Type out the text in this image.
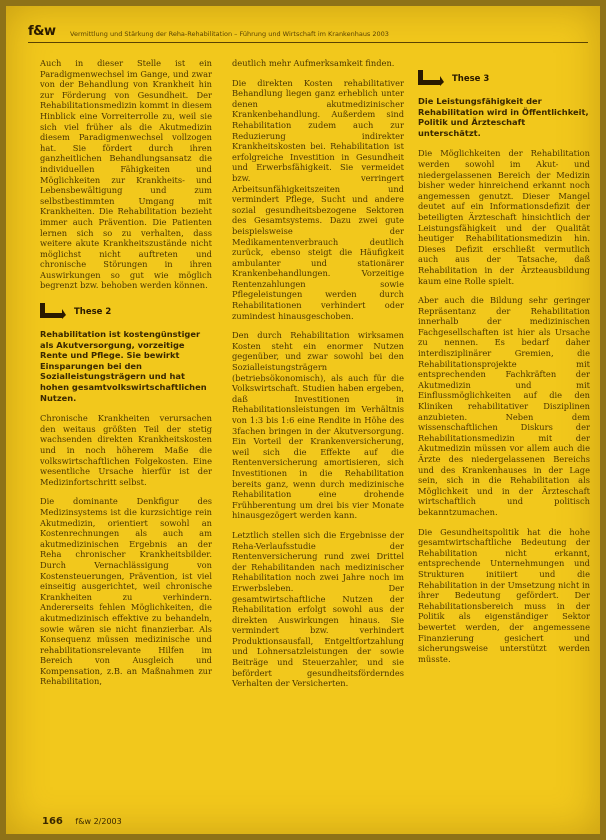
f&w Vermittlung und Stärkung der Reha-Rehabilitation – Führung und Wirtschaft im Krankenhaus 2003

Auch in dieser Stelle ist ein Paradigmenwechsel im Gange, und zwar von der Behandlung von Krankheit hin zur Förderung von Gesundheit. Der Rehabilitationsmedizin kommt in diesem Hinblick eine Vorreiterrolle zu, weil sie sich viel früher als die Akutmedizin diesem Paradigmenwechsel vollzogen hat. Sie fördert durch ihren ganzheitlichen Behandlungsansatz die individuellen Fähigkeiten und Möglichkeiten zur Krankheits- und Lebensbewältigung und zum selbstbestimmten Umgang mit Krankheiten. Die Rehabilitation bezieht immer auch Prävention. Die Patienten lernen sich so zu verhalten, dass weitere akute Krankheitszustände nicht möglichst nicht auftreten und chronische Störungen in ihren Auswirkungen so gut wie möglich begrenzt bzw. behoben werden können.

These 2

Rehabilitation ist kostengünstiger als Akutversorgung, vorzeitige Rente und Pflege. Sie bewirkt Einsparungen bei den Sozialleistungsträgern und hat hohen gesamtvolkswirtschaftlichen Nutzen.

Chronische Krankheiten verursachen den weitaus größten Teil der stetig wachsenden direkten Krankheitskosten und in noch höherem Maße die volkswirtschaftlichen Folgekosten. Eine wesentliche Ursache hierfür ist der Medizinfortschritt selbst.

Die dominante Denkfigur des Medizinsystems ist die kurzsichtige rein Akutmedizin, orientiert sowohl an Kostenrechnungen als auch am akutmedizinischen Ergebnis an der Reha chronischer Krankheitsbilder. Durch Vernachlässigung von Kostensteuerungen, Prävention, ist viel einseitig ausgerichtet, weil chronische Krankheiten zu verhindern. Andererseits fehlen Möglichkeiten, die akutmedizinisch effektive zu behandeln, sowie wären sie nicht finanzierbar. Als Konsequenz müssen medizinische und rehabilitationsrelevante Hilfen im Bereich von Ausgleich und Kompensation, z.B. an Maßnahmen zur Rehabilitation,

deutlich mehr Aufmerksamkeit finden.

Die direkten Kosten rehabilitativer Behandlung liegen ganz erheblich unter denen akutmedizinischer Krankenbehandlung. Außerdem sind Rehabilitation zudem auch zur Reduzierung indirekter Krankheitskosten bei. Rehabilitation ist erfolgreiche Investition in Gesundheit und Erwerbsfähigkeit. Sie vermeidet bzw. verringert Arbeitsunfähigkeitszeiten und vermindert Pflege, Sucht und andere sozial gesundheitsbezogene Sektoren des Gesamtsystems. Dazu zwei gute beispielsweise der Medikamentenverbrauch deutlich zurück, ebenso steigt die Häufigkeit ambulanter und stationärer Krankenbehandlungen. Vorzeitige Rentenzahlungen sowie Pflegeleistungen werden durch Rehabilitationen verhindert oder zumindest hinausgeschoben.

Den durch Rehabilitation wirksamen Kosten steht ein enormer Nutzen gegenüber, und zwar sowohl bei den Sozialleistungsträgern (betriebsökonomisch), als auch für die Volkswirtschaft. Studien haben ergeben, daß Investitionen in Rehabilitationsleistungen im Verhältnis von 1:3 bis 1:6 eine Rendite in Höhe des 3fachen bringen in der Akutversorgung. Ein Vorteil der Krankenversicherung, weil sich die Effekte auf die Rentenversicherung amortisieren, sich Investitionen in die Rehabilitation bereits ganz, wenn durch medizinische Rehabilitation eine drohende Frühberentung um drei bis vier Monate hinausgezögert werden kann.

Letztlich stellen sich die Ergebnisse der Reha-Verlaufsstudie der Rentenversicherung rund zwei Drittel der Rehabilitanden nach medizinischer Rehabilitation noch zwei Jahre noch im Erwerbsleben. Der gesamtwirtschaftliche Nutzen der Rehabilitation erfolgt sowohl aus der direkten Auswirkungen hinaus. Sie vermindert bzw. verhindert Produktionsausfall, Entgeltfortzahlung und Lohnersatzleistungen der sowie Beiträge und Steuerzahler, und sie befördert gesundheitsförderndes Verhalten der Versicherten.

These 3

Die Leistungsfähigkeit der Rehabilitation wird in Öffentlichkeit, Politik und Ärzteschaft unterschätzt.

Die Möglichkeiten der Rehabilitation werden sowohl im Akut- und niedergelassenen Bereich der Medizin bisher weder hinreichend erkannt noch angemessen genutzt. Dieser Mangel deutet auf ein Informationsdefizit der beteiligten Ärzteschaft hinsichtlich der Leistungsfähigkeit und der Qualität heutiger Rehabilitationsmedizin hin. Dieses Defizit erschließt vermutlich auch aus der Tatsache, daß Rehabilitation in der Ärzteausbildung kaum eine Rolle spielt.

Aber auch die Bildung sehr geringer Repräsentanz der Rehabilitation innerhalb der medizinischen Fachgesellschaften ist hier als Ursache zu nennen. Es bedarf daher interdisziplinärer Gremien, die Rehabilitationsprojekte mit entsprechenden Fachkräften der Akutmedizin und mit Einflussmöglichkeiten auf die den Kliniken rehabilitativer Disziplinen anzubieten. Neben dem wissenschaftlichen Diskurs der Rehabilitationsmedizin mit der Akutmedizin müssen vor allem auch die Ärzte des niedergelassenen Bereichs und des Krankenhauses in der Lage sein, sich in die Rehabilitation als Möglichkeit und in der Ärzteschaft wirtschaftlich und politisch bekanntzumachen.

Die Gesundheitspolitik hat die hohe gesamtwirtschaftliche Bedeutung der Rehabilitation nicht erkannt, entsprechende Unternehmungen und Strukturen initiiert und die Rehabilitation in der Umsetzung nicht in ihrer Bedeutung gefördert. Der Rehabilitationsbereich muss in der Politik als eigenständiger Sektor bewertet werden, der angemessene Finanzierung gesichert und sicherungsweise unterstützt werden müsste.

166 f&w 2/2003
